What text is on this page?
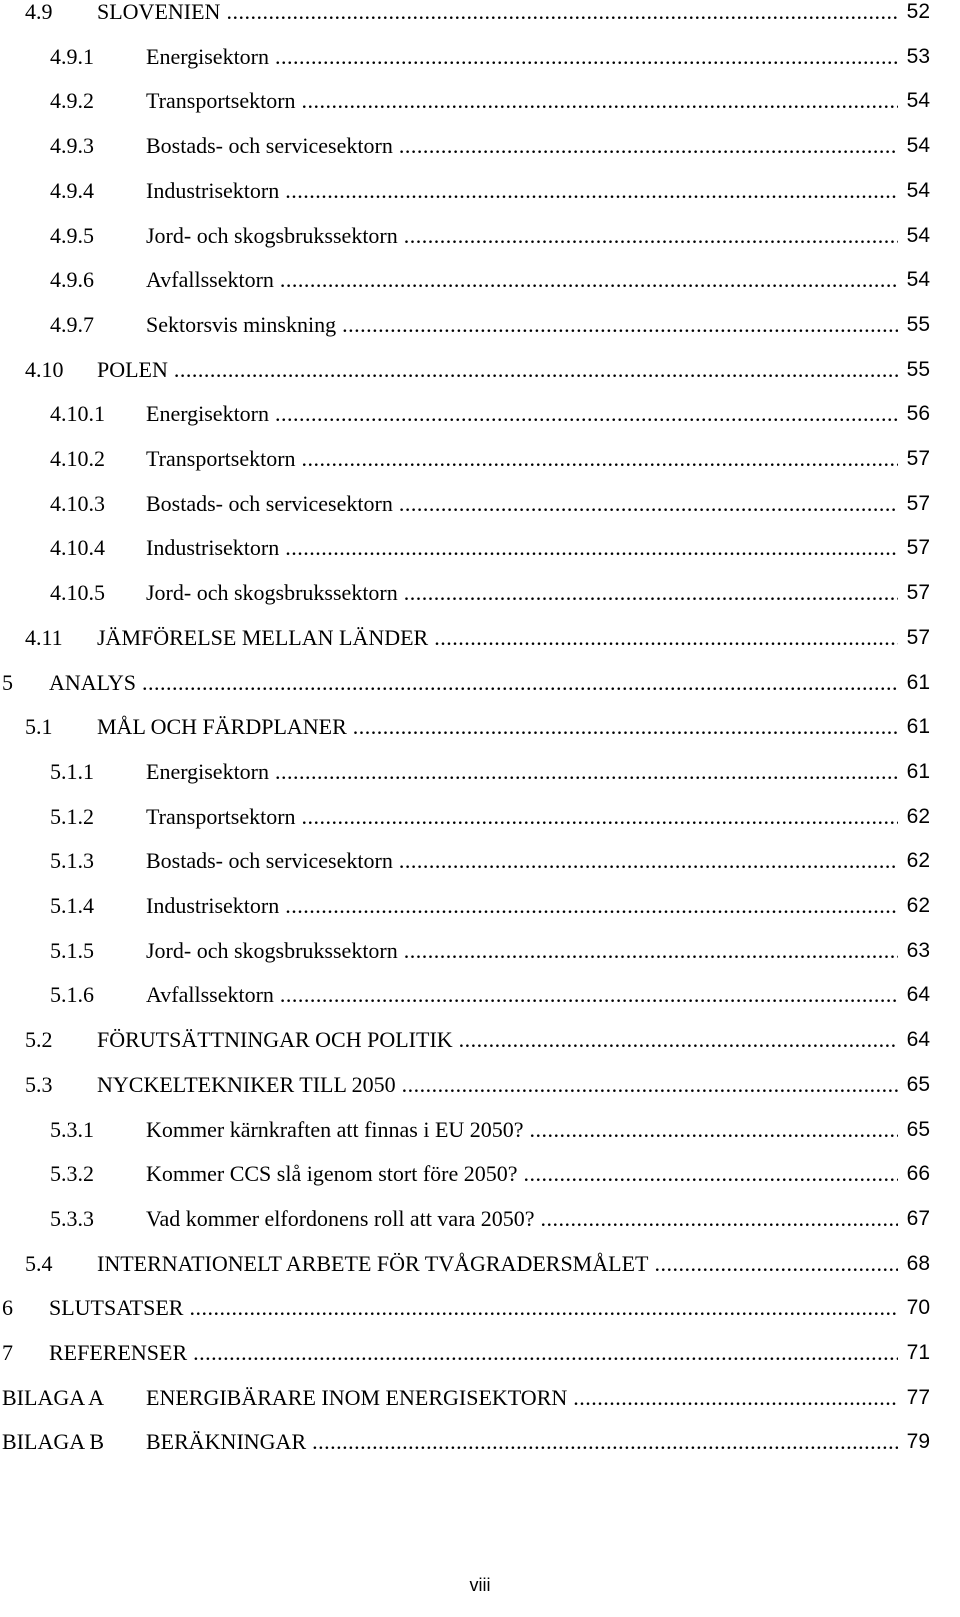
4.9 SLOVENIEN .....	52
4.9.1 Energisektorn .....	53
4.9.2 Transportsektorn .....	54
4.9.3 Bostads- och servicesektorn .....	54
4.9.4 Industrisektorn .....	54
4.9.5 Jord- och skogsbrukssektorn .....	54
4.9.6 Avfallssektorn .....	54
4.9.7 Sektorsvis minskning .....	55
4.10 POLEN .....	55
4.10.1 Energisektorn .....	56
4.10.2 Transportsektorn .....	57
4.10.3 Bostads- och servicesektorn .....	57
4.10.4 Industrisektorn .....	57
4.10.5 Jord- och skogsbrukssektorn .....	57
4.11 JÄMFÖRELSE MELLAN LÄNDER .....	57
5 ANALYS .....	61
5.1 MÅL OCH FÄRDPLANER .....	61
5.1.1 Energisektorn .....	61
5.1.2 Transportsektorn .....	62
5.1.3 Bostads- och servicesektorn .....	62
5.1.4 Industrisektorn .....	62
5.1.5 Jord- och skogsbrukssektorn .....	63
5.1.6 Avfallssektorn .....	64
5.2 FÖRUTSÄTTNINGAR OCH POLITIK .....	64
5.3 NYCKELTEKNIKER TILL 2050 .....	65
5.3.1 Kommer kärnkraften att finnas i EU 2050? .....	65
5.3.2 Kommer CCS slå igenom stort före 2050? .....	66
5.3.3 Vad kommer elfordonens roll att vara 2050? .....	67
5.4 INTERNATIONELT ARBETE FÖR TVÅGRADERSMÅLET .....	68
6 SLUTSATSER .....	70
7 REFERENSER .....	71
BILAGA A ENERGIBÄRARE INOM ENERGISEKTORN .....	77
BILAGA B BERÄKNINGAR .....	79
viii
